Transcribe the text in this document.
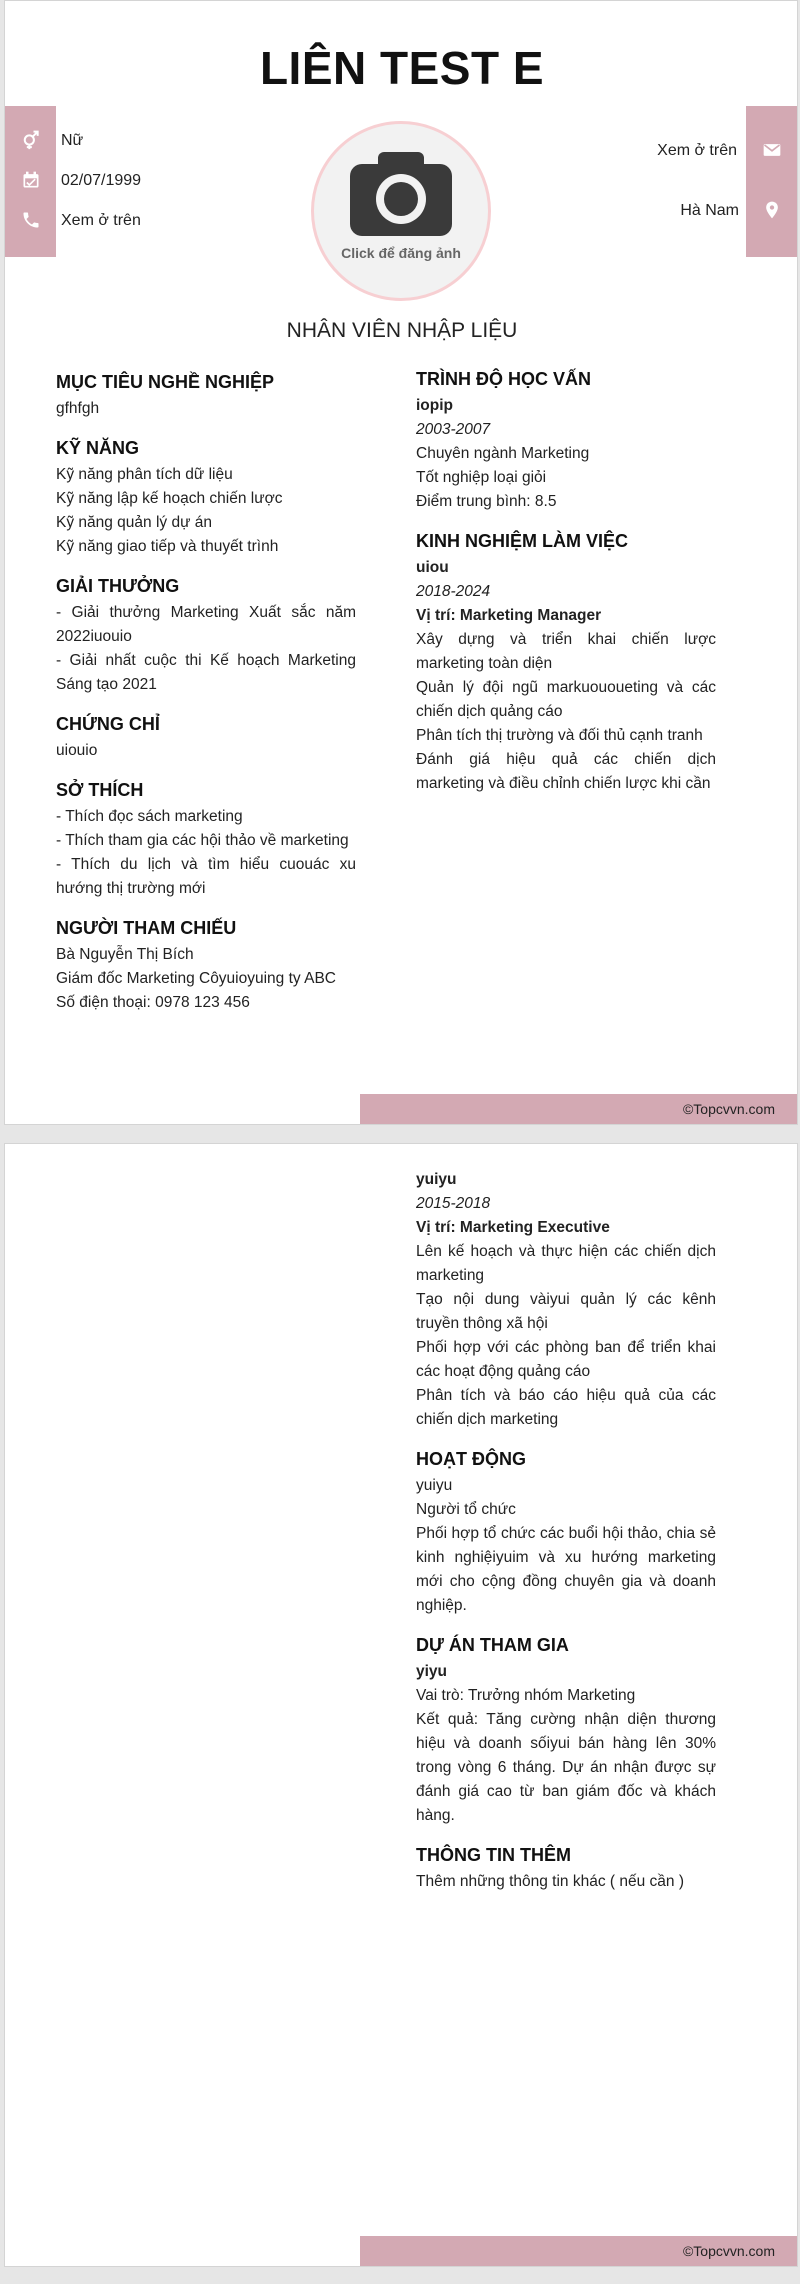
LIÊN TEST E
Nữ
02/07/1999
Xem ở trên
Click để đăng ảnh
Xem ở trên
Hà Nam
NHÂN VIÊN NHẬP LIỆU
MỤC TIÊU NGHỀ NGHIỆP
gfhfgh
KỸ NĂNG
Kỹ năng phân tích dữ liệu
Kỹ năng lập kế hoạch chiến lược
Kỹ năng quản lý dự án
Kỹ năng giao tiếp và thuyết trình
GIẢI THƯỞNG
- Giải thưởng Marketing Xuất sắc năm 2022iuouio
- Giải nhất cuộc thi Kế hoạch Marketing Sáng tạo 2021
CHỨNG CHỈ
uiouio
SỞ THÍCH
- Thích đọc sách marketing
- Thích tham gia các hội thảo về marketing
- Thích du lịch và tìm hiểu cuouác xu hướng thị trường mới
NGƯỜI THAM CHIẾU
Bà Nguyễn Thị Bích
Giám đốc Marketing Côyuioyuing ty ABC
Số điện thoại: 0978 123 456
TRÌNH ĐỘ HỌC VẤN
iopip
2003-2007
Chuyên ngành Marketing
Tốt nghiệp loại giỏi
Điểm trung bình: 8.5
KINH NGHIỆM LÀM VIỆC
uiou
2018-2024
Vị trí: Marketing Manager
Xây dựng và triển khai chiến lược marketing toàn diện
Quản lý đội ngũ markuououeting và các chiến dịch quảng cáo
Phân tích thị trường và đối thủ cạnh tranh
Đánh giá hiệu quả các chiến dịch marketing và điều chỉnh chiến lược khi cần
©Topcvvn.com
yuiyu
2015-2018
Vị trí: Marketing Executive
Lên kế hoạch và thực hiện các chiến dịch marketing
Tạo nội dung vàiyui quản lý các kênh truyền thông xã hội
Phối hợp với các phòng ban để triển khai các hoạt động quảng cáo
Phân tích và báo cáo hiệu quả của các chiến dịch marketing
HOẠT ĐỘNG
yuiyu
Người tổ chức
Phối hợp tổ chức các buổi hội thảo, chia sẻ kinh nghiệiyuim và xu hướng marketing mới cho cộng đồng chuyên gia và doanh nghiệp.
DỰ ÁN THAM GIA
yiyu
Vai trò: Trưởng nhóm Marketing
Kết quả: Tăng cường nhận diện thương hiệu và doanh sốiyui bán hàng lên 30% trong vòng 6 tháng. Dự án nhận được sự đánh giá cao từ ban giám đốc và khách hàng.
THÔNG TIN THÊM
Thêm những thông tin khác ( nếu cần )
©Topcvvn.com
